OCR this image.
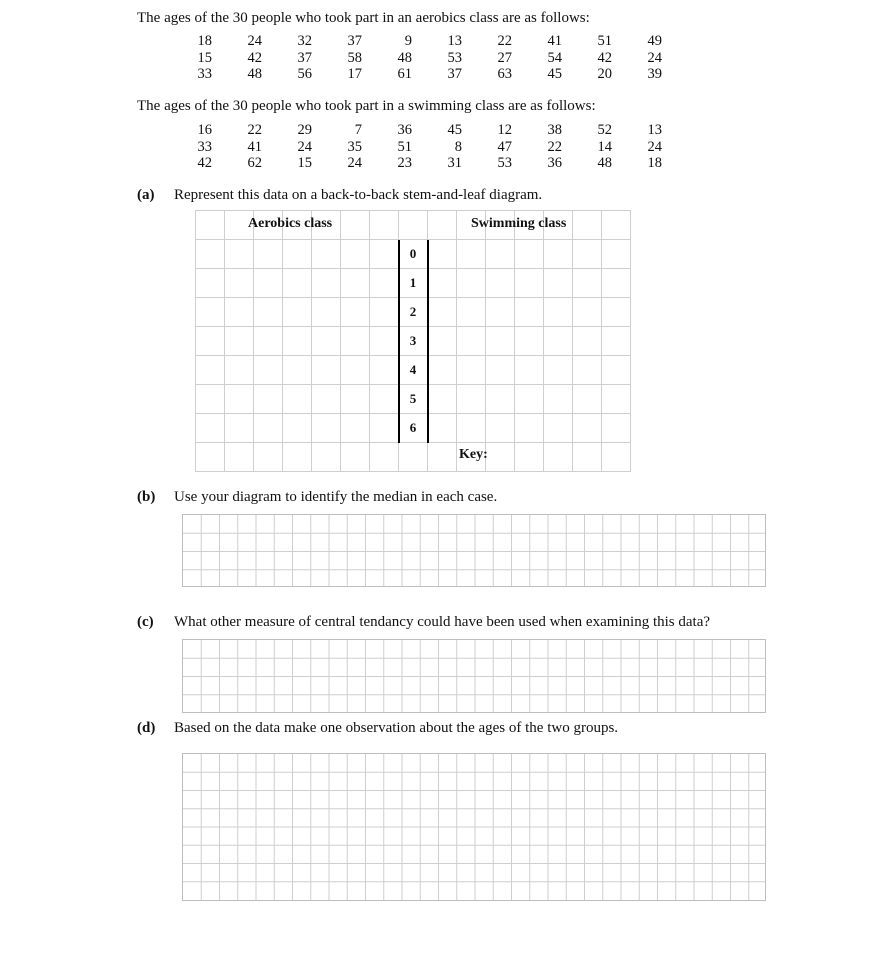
The ages of the 30 people who took part in an aerobics class are as follows:
18	24	32	37	9	13	22	41	51	49
15	42	37	58	48	53	27	54	42	24
33	48	56	17	61	37	63	45	20	39
The ages of the 30 people who took part in a swimming class are as follows:
16	22	29	7	36	45	12	38	52	13
33	41	24	35	51	8	47	22	14	24
42	62	15	24	23	31	53	36	48	18
(a) Represent this data on a back-to-back stem-and-leaf diagram.

							0							
							1							
							2							
							3							
							4							
							5							
							6							

Aerobics class	Swimming class
Key:
(b) Use your diagram to identify the median in each case.
(c) What other measure of central tendancy could have been used when examining this data?
(d) Based on the data make one observation about the ages of the two groups.
